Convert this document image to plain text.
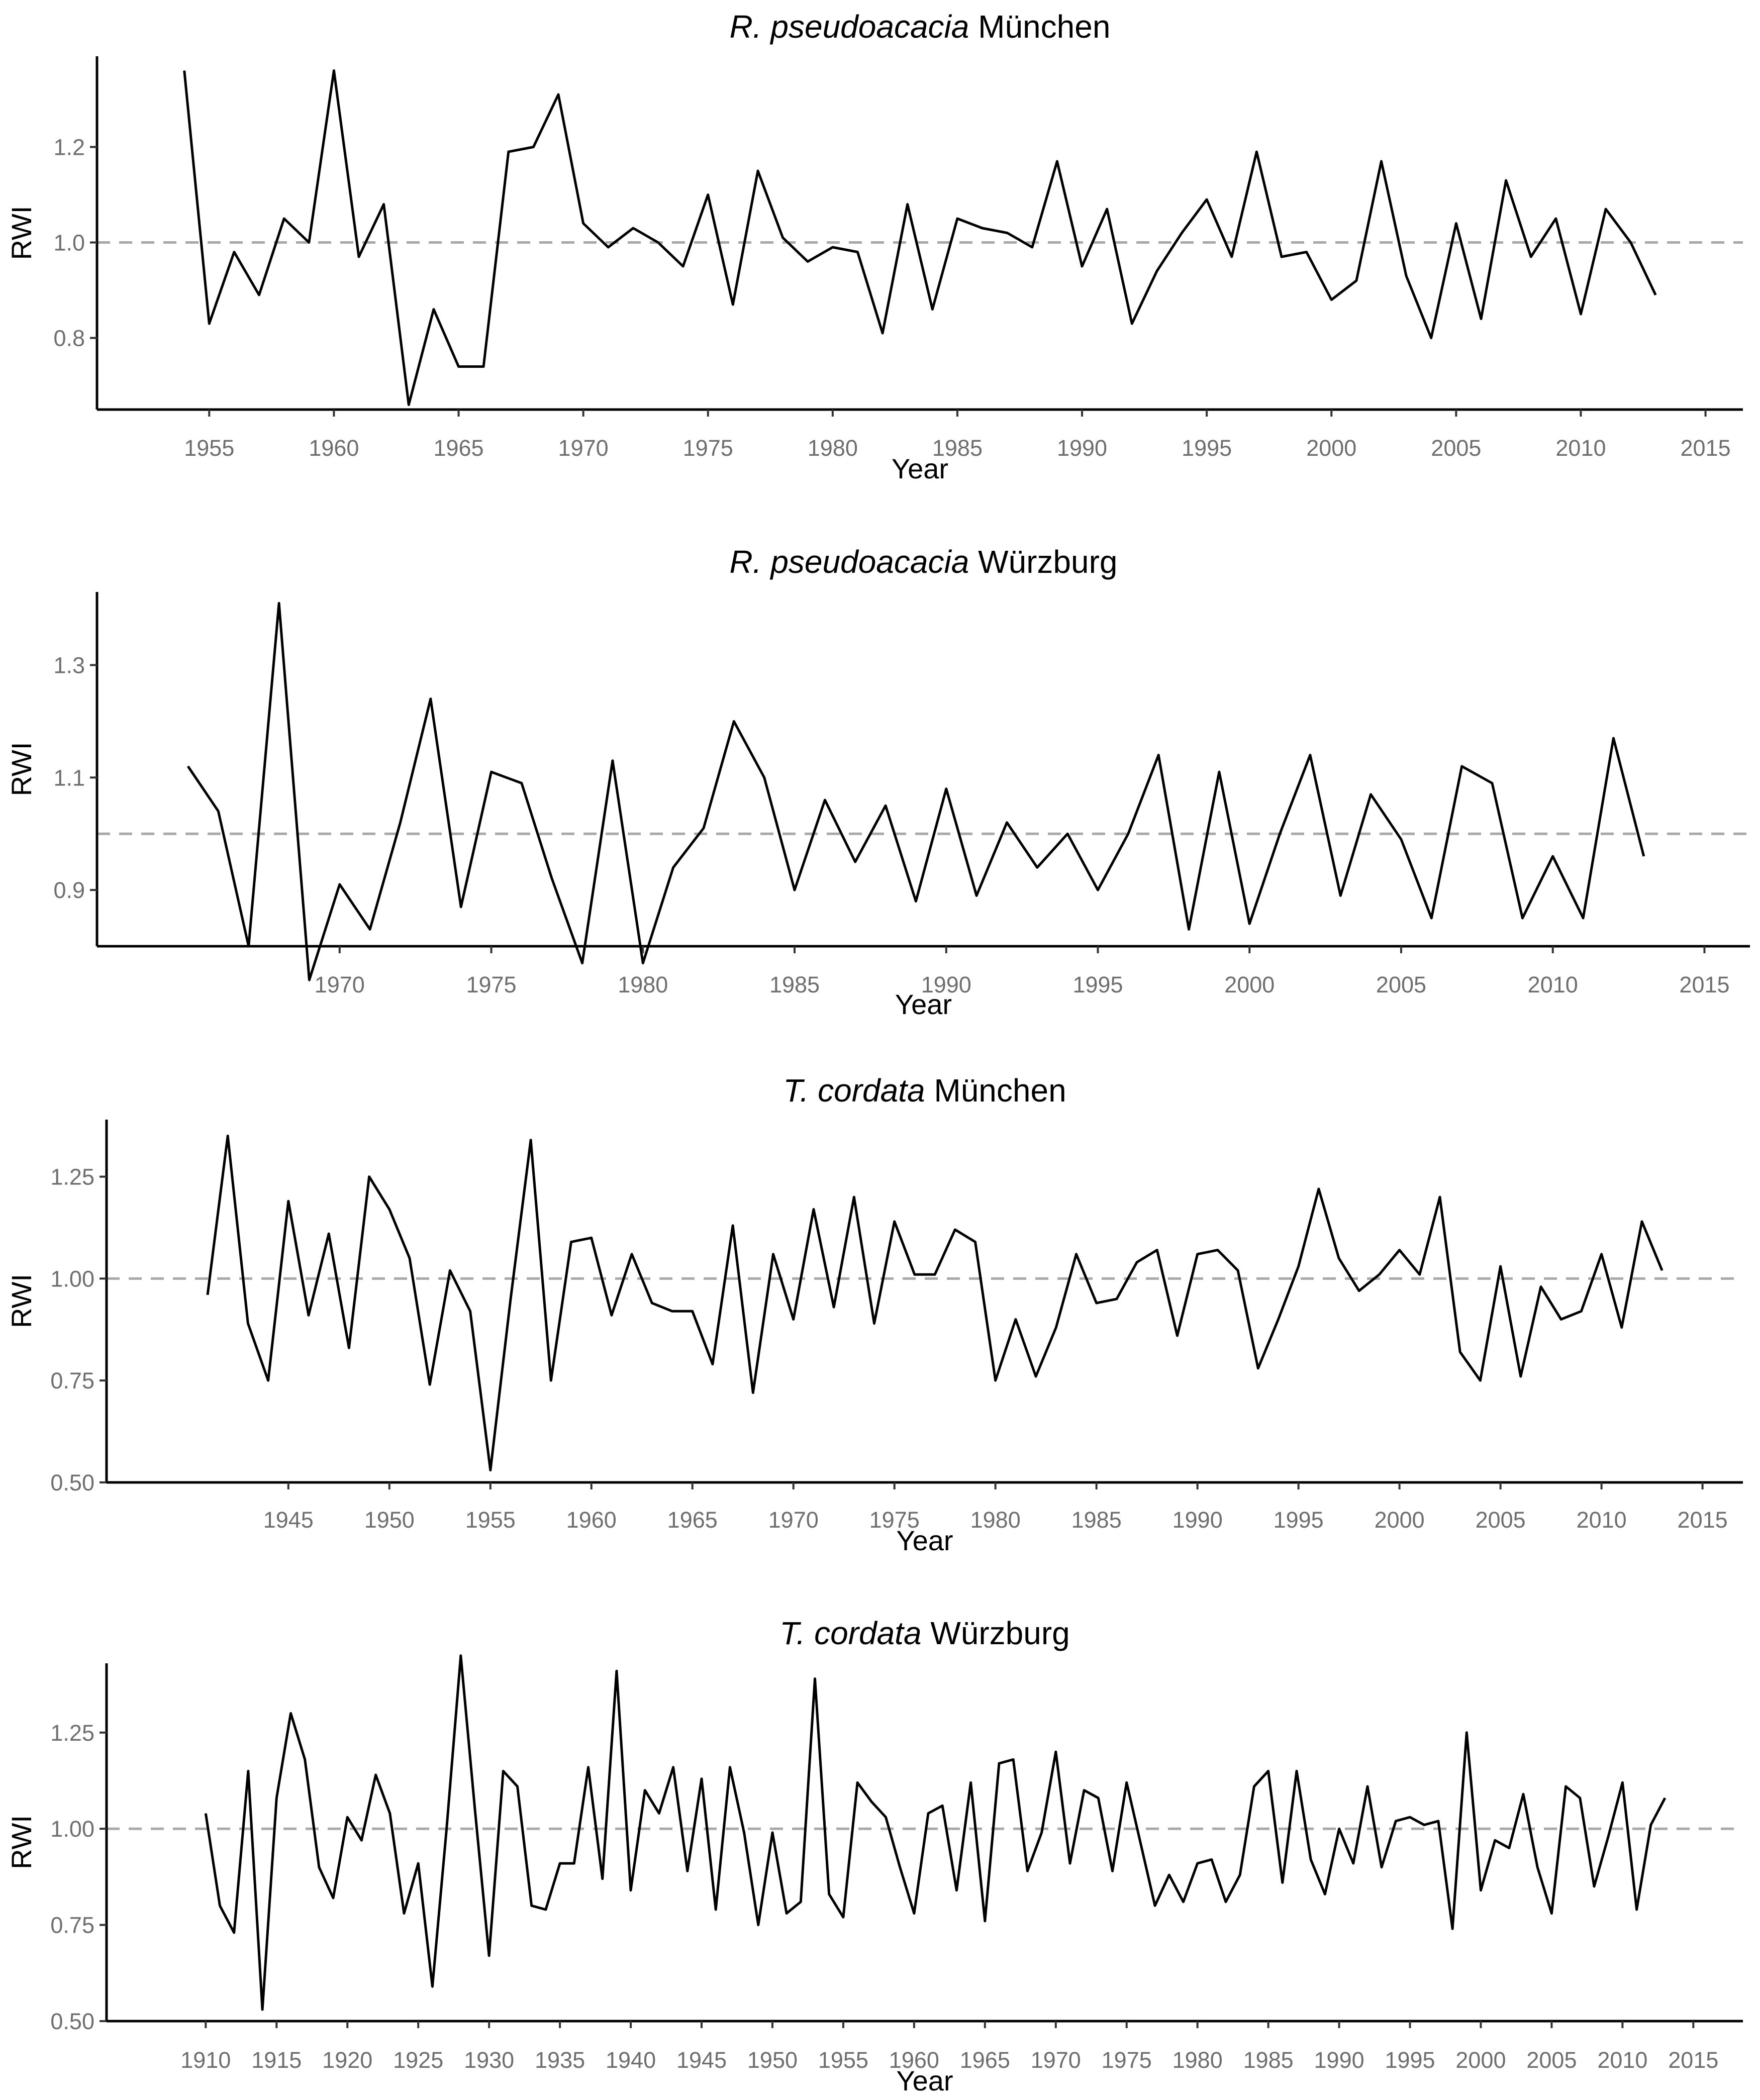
R. pseudoacacia München
0.8
1.0
1.2
1955	1960	1965	1970	1975	1980	1985	1990	1995	2000	2005	2010	2015
Year
RWI
R. pseudoacacia Würzburg
0.9
1.1
1.3
1970	1975	1980	1985	1990	1995	2000	2005	2010	2015
Year
RWI
T. cordata München
0.50
0.75
1.00
1.25
1945 1950 1955 1960 1965 1970 1975 1980 1985 1990 1995 2000 2005 2010 2015
Year
RWI
T. cordata Würzburg
0.50
0.75
1.00
1.25
1910 1915 1920 1925 1930 1935 1940 1945 1950 1955 1960 1965 1970 1975 1980 1985 1990 1995 2000 2005 2010 2015
Year
RWI
